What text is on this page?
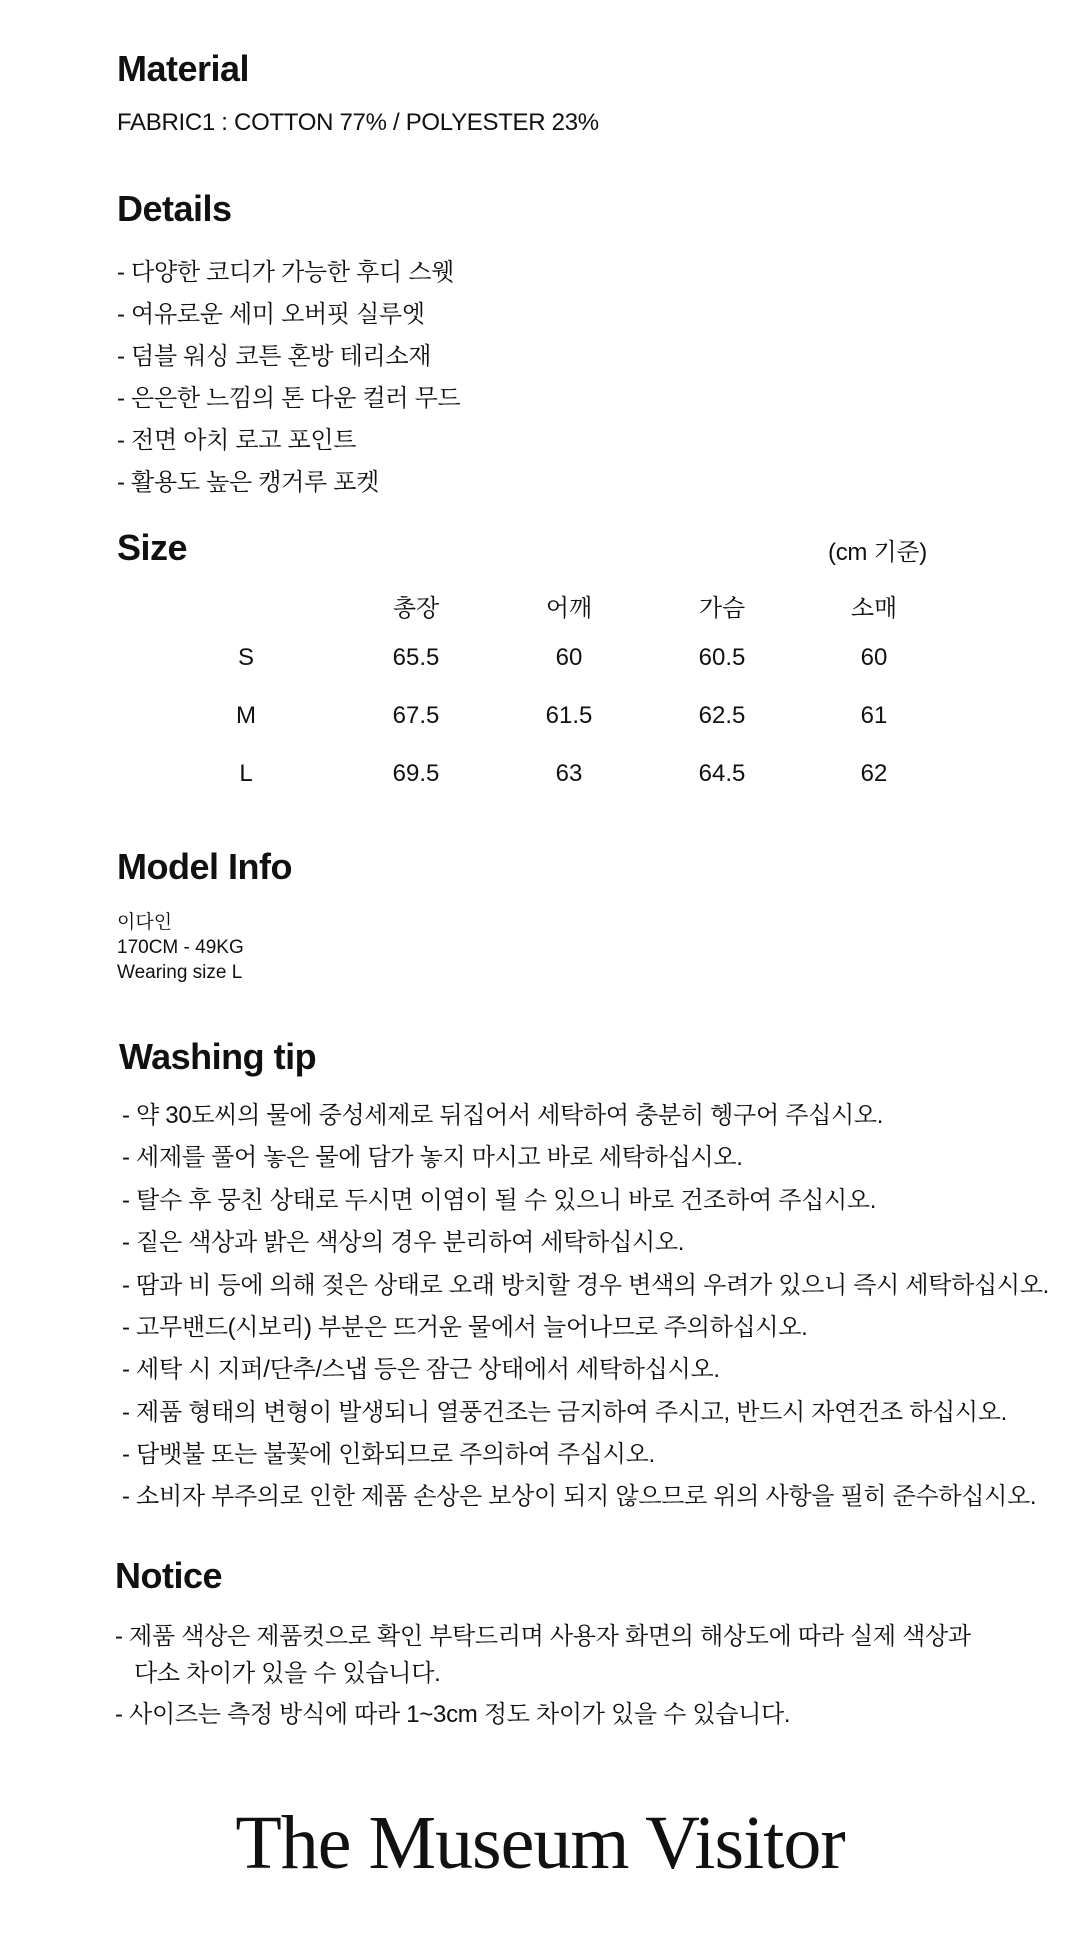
Material
FABRIC1 : COTTON 77% / POLYESTER 23%
Details
- 다양한 코디가 가능한 후디 스웻
- 여유로운 세미 오버핏 실루엣
- 덤블 워싱 코튼 혼방 테리소재
- 은은한 느낌의 톤 다운 컬러 무드
- 전면 아치 로고 포인트
- 활용도 높은 캥거루 포켓
Size	(cm 기준)
총장	어깨	가슴	소매
S	65.5	60	60.5	60
M	67.5	61.5	62.5	61
L	69.5	63	64.5	62
Model Info
이다인
170CM - 49KG
Wearing size L
Washing tip
- 약 30도씨의 물에 중성세제로 뒤집어서 세탁하여 충분히 헹구어 주십시오.
- 세제를 풀어 놓은 물에 담가 놓지 마시고 바로 세탁하십시오.
- 탈수 후 뭉친 상태로 두시면 이염이 될 수 있으니 바로 건조하여 주십시오.
- 짙은 색상과 밝은 색상의 경우 분리하여 세탁하십시오.
- 땀과 비 등에 의해 젖은 상태로 오래 방치할 경우 변색의 우려가 있으니 즉시 세탁하십시오.
- 고무밴드(시보리) 부분은 뜨거운 물에서 늘어나므로 주의하십시오.
- 세탁 시 지퍼/단추/스냅 등은 잠근 상태에서 세탁하십시오.
- 제품 형태의 변형이 발생되니 열풍건조는 금지하여 주시고, 반드시 자연건조 하십시오.
- 담뱃불 또는 불꽃에 인화되므로 주의하여 주십시오.
- 소비자 부주의로 인한 제품 손상은 보상이 되지 않으므로 위의 사항을 필히 준수하십시오.
Notice
- 제품 색상은 제품컷으로 확인 부탁드리며 사용자 화면의 해상도에 따라 실제 색상과
다소 차이가 있을 수 있습니다.
- 사이즈는 측정 방식에 따라 1~3cm 정도 차이가 있을 수 있습니다.
The Museum Visitor
